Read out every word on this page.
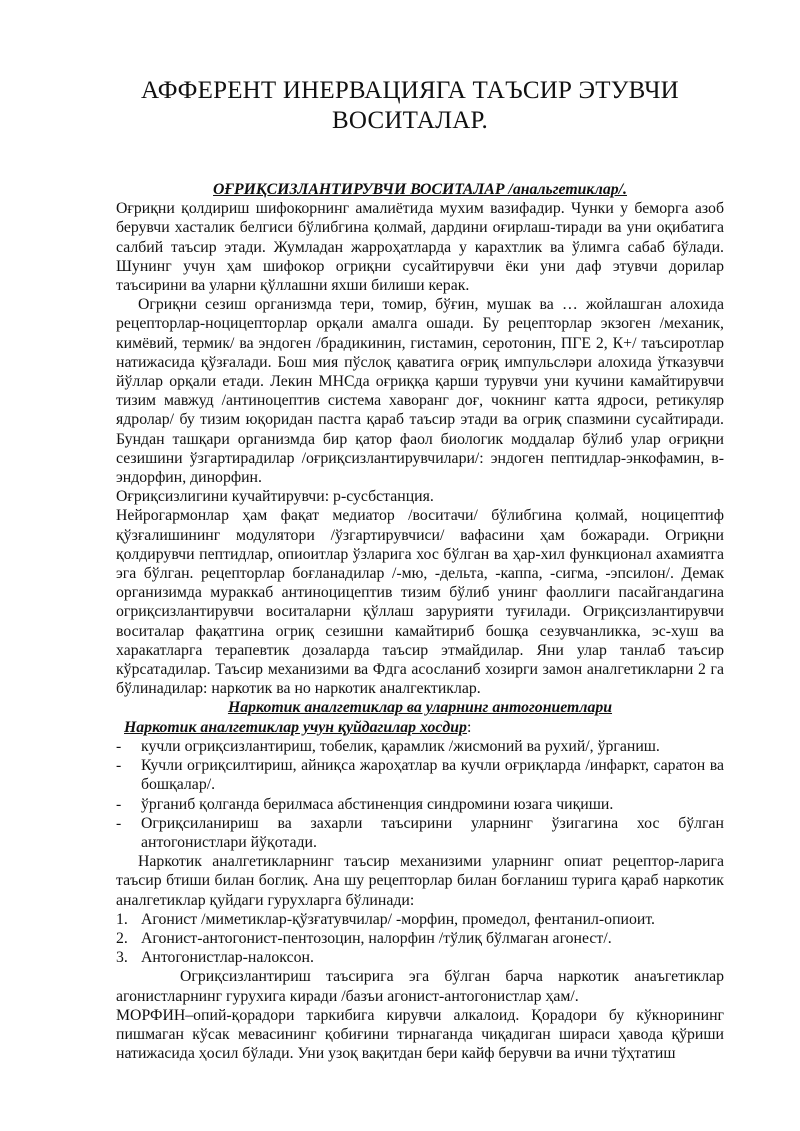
АФФЕРЕНТ ИНЕРВАЦИЯГА ТАЪСИР ЭТУВЧИ
ВОСИТАЛАР.

ОҒРИҚСИЗЛАНТИРУВЧИ ВОСИТАЛАР /анальгетиклар/.

Оғриқни қолдириш шифокорнинг амалиётида мухим вазифадир. Чунки у беморга азоб берувчи хасталик белгиси бўлибгина қолмай, дардини оғирлаш-тиради ва уни оқибатига салбий таъсир этади. Жумладан жарроҳатларда у карахтлик ва ўлимга сабаб бўлади. Шунинг учун ҳам шифокор огриқни сусайтирувчи ёки уни даф этувчи дорилар таъсирини ва уларни қўллашни яхши билиши керак.

Огриқни сезиш организмда тери, томир, бўғин, мушак ва … жойлашган алохида рецепторлар-ноцицепторлар орқали амалга ошади. Бу рецепторлар экзоген /механик, кимёвий, термик/ ва эндоген /брадикинин, гистамин, серотонин, ПГЕ 2, К+/ таъсиротлар натижасида қўзғалади. Бош мия пўслоқ қаватига оғриқ импульсләри алохида ўтказувчи йўллар орқали етади. Лекин МНСда оғриққа қарши турувчи уни кучини камайтирувчи тизим мавжуд /антиноцептив система хаворанг доғ, чокнинг катта ядроси, ретикуляр ядролар/ бу тизим юқоридан пастга қараб таъсир этади ва огриқ спазмини сусайтиради. Бундан ташқари организмда бир қатор фаол биологик моддалар бўлиб улар оғриқни сезишини ўзгартирадилар /оғриқсизлантирувчилари/: эндоген пептидлар-энкофамин, в-эндорфин, динорфин.

Оғриқсизлигини кучайтирувчи: р-сусбстанция.

Нейрогармонлар ҳам фақат медиатор /воситачи/ бўлибгина қолмай, ноцицептиф қўзғалишининг модулятори /ўзгартирувчиси/ вафасини ҳам божаради. Огриқни қолдирувчи пептидлар, опиоитлар ўзларига хос бўлган ва ҳар-хил функционал ахамиятга эга бўлган. рецепторлар боғланадилар /-мю, -дельта, -каппа, -сигма, -эпсилон/. Демак организимда мураккаб антиноцицептив тизим бўлиб унинг фаоллиги пасайгандагина огриқсизлантирувчи воситаларни қўллаш зарурияти туғилади. Огриқсизлантирувчи воситалар фақатгина огриқ сезишни камайтириб бошқа сезувчанликка, эс-хуш ва харакатларга терапевтик дозаларда таъсир этмайдилар. Яни улар танлаб таъсир кўрсатадилар. Таъсир механизими ва Фдга асосланиб хозирги замон аналгетикларни 2 га бўлинадилар: наркотик ва но наркотик аналгектиклар.

Наркотик аналгетиклар ва уларнинг антогониетлари

Наркотик аналгетиклар учун қуйдагилар хосдир:

-	кучли огриқсизлантириш, тобелик, қарамлик /жисмоний ва рухий/, ўрганиш.
-	Кучли огриқсилтириш, айниқса жароҳатлар ва кучли оғриқларда /инфаркт, саратон ва бошқалар/.
-	ўрганиб қолганда берилмаса абстиненция синдромини юзага чиқиши.
-	Огриқсиланириш ва захарли таъсирини уларнинг ўзигагина хос бўлган антогонистлари йўқотади.

Наркотик аналгетикларнинг таъсир механизими уларнинг опиат рецептор-ларига таъсир бтиши билан боглиқ. Ана шу рецепторлар билан боғланиш турига қараб наркотик аналгетиклар қуйдаги гурухларга бўлинади:

1. Агонист /миметиклар-қўзғатувчилар/ -морфин, промедол, фентанил-опиоит.
2. Агонист-антогонист-пентозоцин, налорфин /тўлиқ бўлмаган агонест/.
3. Антогонистлар-налоксон.

Огриқсизлантириш таъсирига эга бўлган барча наркотик анаъгетиклар агонистларнинг гурухига киради /базъи агонист-антогонистлар ҳам/.

МОРФИН–опий-қорадори таркибига кирувчи алкалоид. Қорадори бу кўкнорининг пишмаган кўсак мевасининг қобиғини тирнаганда чиқадиган шираси ҳавода қўриши натижасида ҳосил бўлади. Уни узоқ вақитдан бери кайф берувчи ва ични тўҳтатиш
